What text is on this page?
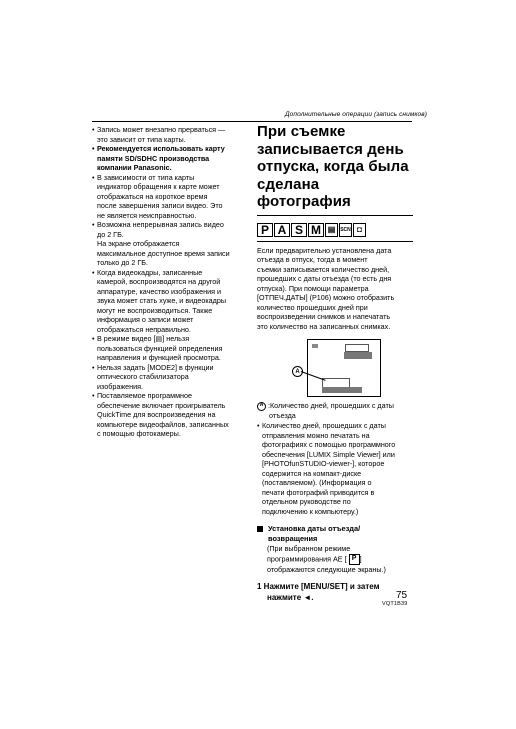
Дополнительные операции (запись снимков)
• Запись может внезапно прерваться —
это зависит от типа карты.
• Рекомендуется использовать карту
памяти SD/SDHC производства
компании Panasonic.
• В зависимости от типа карты
индикатор обращения к карте может
отображаться на короткое время
после завершения записи видео. Это
не является неисправностью.
• Возможна непрерывная запись видео
до 2 ГБ.
На экране отображается
максимальное доступное время записи
только до 2 ГБ.
• Когда видеокадры, записанные
камерой, воспроизводятся на другой
аппаратуре, качество изображения и
звука может стать хуже, и видеокадры
могут не воспроизводиться. Также
информация о записи может
отображаться неправильно.
• В режиме видео [▤] нельзя
пользоваться функцией определения
направления и функцией просмотра.
• Нельзя задать [MODE2] в функции
оптического стабилизатора
изображения.
• Поставляемое программное
обеспечение включает проигрыватель
QuickTime для воспроизведения на
компьютере видеофайлов, записанных
с помощью фотокамеры.
При съемке
записывается день
отпуска, когда была
сделана фотография
P A S M ▤ SCN ◘
Если предварительно установлена дата
отъезда в отпуск, тогда в момент
съемки записывается количество дней,
прошедших с даты отъезда (то есть дня
отпуска). При помощи параметра
[ОТПЕЧ.ДАТЫ] (P106) можно отобразить
количество прошедших дней при
воспроизведении снимков и напечатать
это количество на записанных снимках.
A
A :Количество дней, прошедших с даты
отъезда
• Количество дней, прошедших с даты
отправления можно печатать на
фотографиях с помощью программного
обеспечения [LUMIX Simple Viewer] или
[PHOTOfunSTUDIO-viewer-], которое
содержится на компакт-диске
(поставляемом). (Информация о
печати фотографий приводится в
отдельном руководстве по
подключению к компьютеру.)
Установка даты отъезда/
возвращения
(При выбранном режиме
программирования АЕ [ P ]
отображаются следующие экраны.)
1 Нажмите [MENU/SET] и затем
нажмите ◄.	75
VQT1B39
